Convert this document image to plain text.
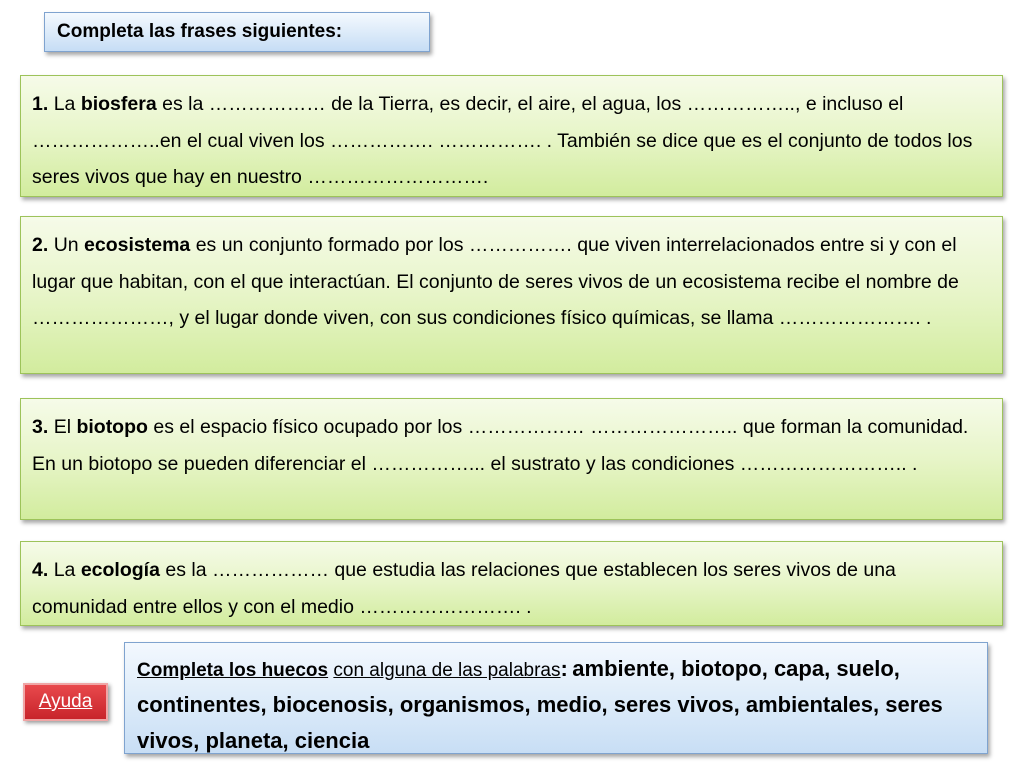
Completa las frases siguientes:

1. La biosfera es la ……………… de la Tierra, es decir, el aire, el agua, los …………….., e incluso el ………………..en el cual viven los ……………. ……………. . También se dice que es el conjunto de todos los seres vivos que hay en nuestro ……………………….

2. Un ecosistema es un conjunto formado por los ……………. que viven interrelacionados entre si y con el lugar que habitan, con el que interactúan. El conjunto de seres vivos de un ecosistema recibe el nombre de …………………, y el lugar donde viven, con sus condiciones físico químicas, se llama …………………. .

3. El biotopo es el espacio físico ocupado por los ……………… ………………….. que forman la comunidad. En un biotopo se pueden diferenciar el ……………... el sustrato y las condiciones …………………….. .

4. La ecología es la ……………… que estudia las relaciones que establecen los seres vivos de una comunidad entre ellos y con el medio ……………………. .

Ayuda
Completa los huecos con alguna de las palabras: ambiente, biotopo, capa, suelo, continentes, biocenosis, organismos, medio, seres vivos, ambientales, seres vivos, planeta, ciencia
